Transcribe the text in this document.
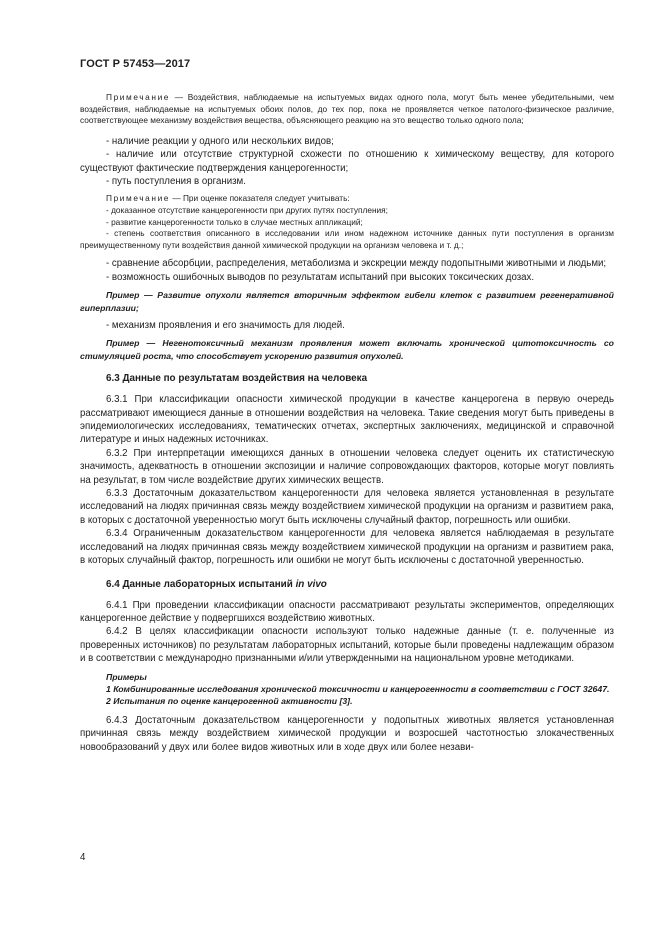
ГОСТ Р 57453—2017

Примечание — Воздействия, наблюдаемые на испытуемых видах одного пола, могут быть менее убедительными, чем воздействия, наблюдаемые на испытуемых обоих полов, до тех пор, пока не проявляется четкое патолого-физическое различие, соответствующее механизму воздействия вещества, объясняющего реакцию на это вещество только одного пола;

- наличие реакции у одного или нескольких видов;

- наличие или отсутствие структурной схожести по отношению к химическому веществу, для которого существуют фактические подтверждения канцерогенности;

- путь поступления в организм.

Примечание — При оценке показателя следует учитывать:

- доказанное отсутствие канцерогенности при других путях поступления;

- развитие канцерогенности только в случае местных аппликаций;

- степень соответствия описанного в исследовании или ином надежном источнике данных пути поступления в организм преимущественному пути воздействия данной химической продукции на организм человека и т. д.;

- сравнение абсорбции, распределения, метаболизма и экскреции между подопытными животными и людьми;

- возможность ошибочных выводов по результатам испытаний при высоких токсических дозах.

Пример — Развитие опухоли является вторичным эффектом гибели клеток с развитием регенеративной гиперплазии;

- механизм проявления и его значимость для людей.

Пример — Негенотоксичный механизм проявления может включать хронической цитотоксичность со стимуляцией роста, что способствует ускорению развития опухолей.

6.3 Данные по результатам воздействия на человека

6.3.1 При классификации опасности химической продукции в качестве канцерогена в первую очередь рассматривают имеющиеся данные в отношении воздействия на человека. Такие сведения могут быть приведены в эпидемиологических исследованиях, тематических отчетах, экспертных заключениях, медицинской и справочной литературе и иных надежных источниках.

6.3.2 При интерпретации имеющихся данных в отношении человека следует оценить их статистическую значимость, адекватность в отношении экспозиции и наличие сопровождающих факторов, которые могут повлиять на результат, в том числе воздействие других химических веществ.

6.3.3 Достаточным доказательством канцерогенности для человека является установленная в результате исследований на людях причинная связь между воздействием химической продукции на организм и развитием рака, в которых с достаточной уверенностью могут быть исключены случайный фактор, погрешность или ошибки.

6.3.4 Ограниченным доказательством канцерогенности для человека является наблюдаемая в результате исследований на людях причинная связь между воздействием химической продукции на организм и развитием рака, в которых случайный фактор, погрешность или ошибки не могут быть исключены с достаточной уверенностью.

6.4 Данные лабораторных испытаний in vivo

6.4.1 При проведении классификации опасности рассматривают результаты экспериментов, определяющих канцерогенное действие у подвергшихся воздействию животных.

6.4.2 В целях классификации опасности используют только надежные данные (т. е. полученные из проверенных источников) по результатам лабораторных испытаний, которые были проведены надлежащим образом и в соответствии с международно признанными и/или утвержденными на национальном уровне методиками.

Примеры

1 Комбинированные исследования хронической токсичности и канцерогенности в соответствии с ГОСТ 32647.

2 Испытания по оценке канцерогенной активности [3].

6.4.3 Достаточным доказательством канцерогенности у подопытных животных является установленная причинная связь между воздействием химической продукции и возросшей частотностью злокачественных новообразований у двух или более видов животных или в ходе двух или более незави-

4
